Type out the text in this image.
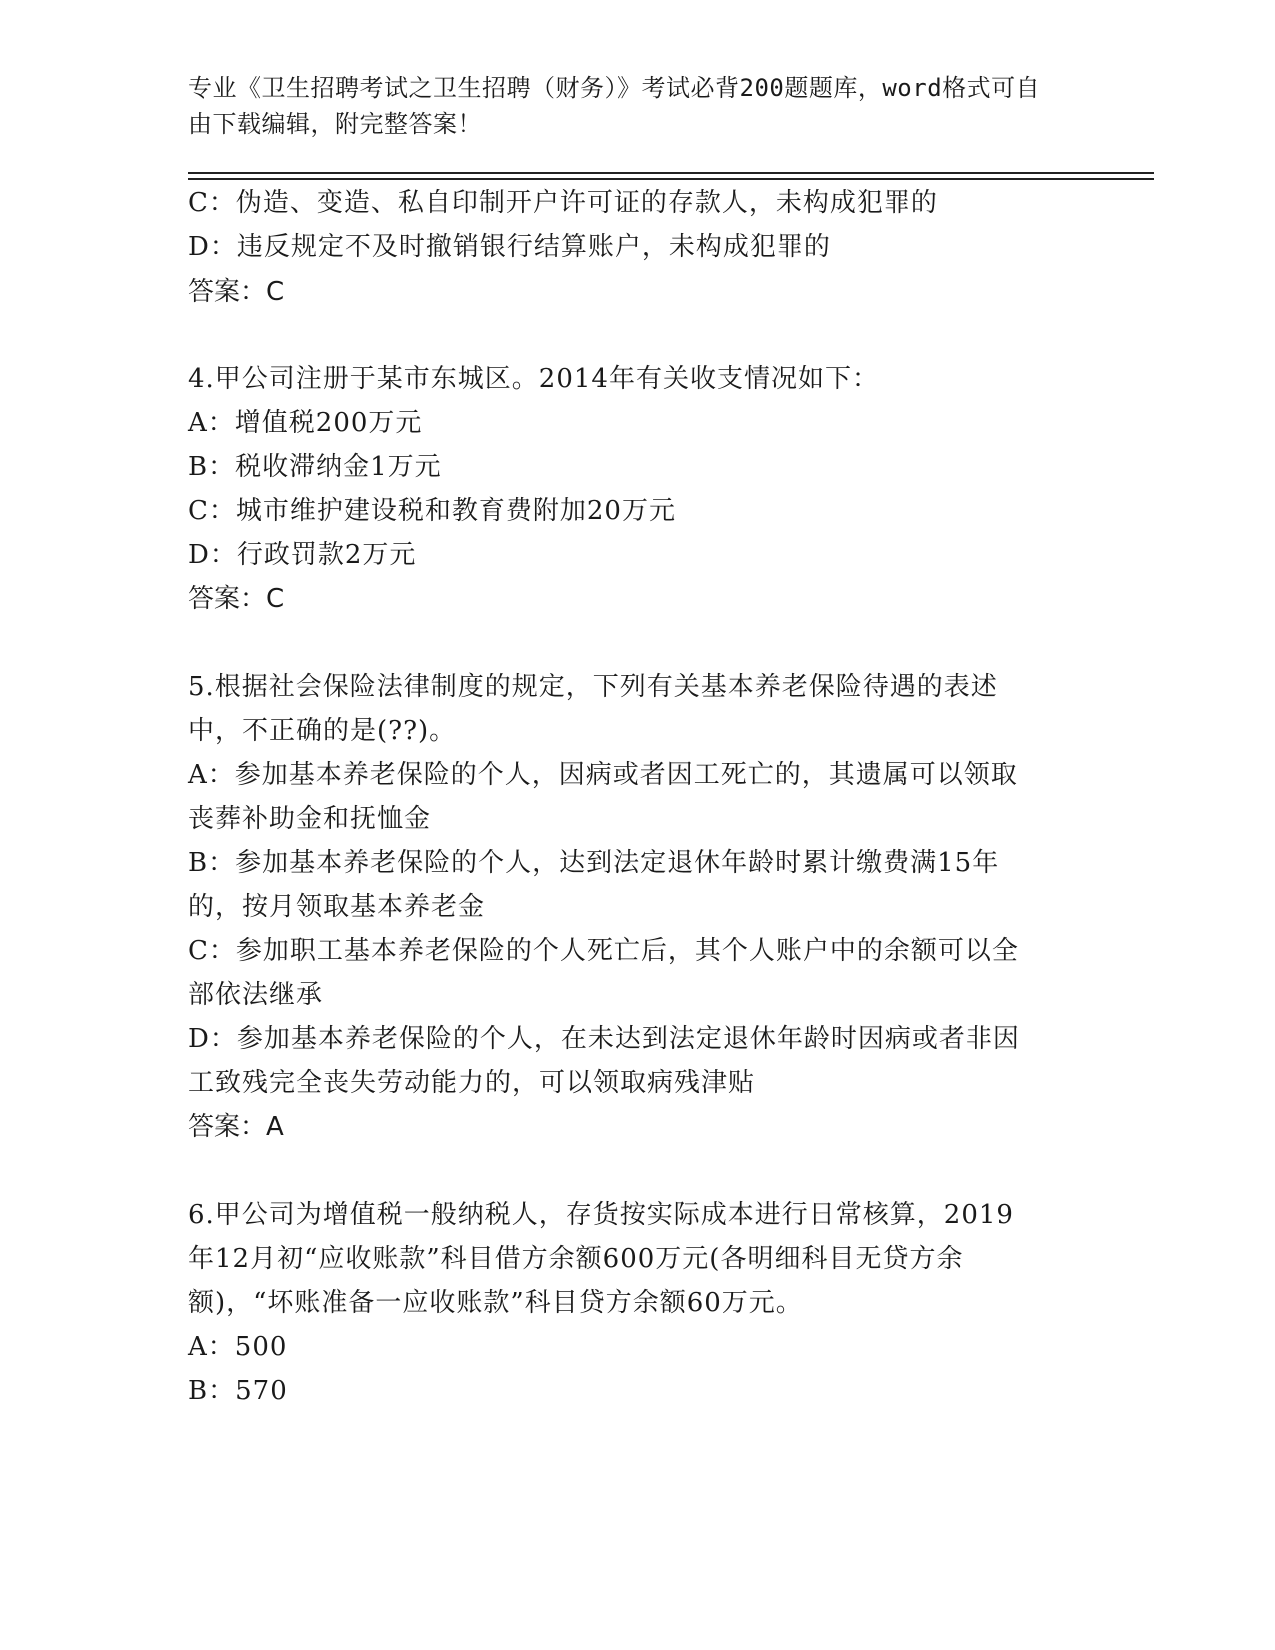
专业《卫生招聘考试之卫生招聘（财务）》考试必背200题题库，word格式可自
由下载编辑，附完整答案！
C：伪造、变造、私自印制开户许可证的存款人，未构成犯罪的
D：违反规定不及时撤销银行结算账户，未构成犯罪的
答案：C
4.甲公司注册于某市东城区。2014年有关收支情况如下：
A：增值税200万元
B：税收滞纳金1万元
C：城市维护建设税和教育费附加20万元
D：行政罚款2万元
答案：C
5.根据社会保险法律制度的规定，下列有关基本养老保险待遇的表述
中，不正确的是(??)。
A：参加基本养老保险的个人，因病或者因工死亡的，其遗属可以领取
丧葬补助金和抚恤金
B：参加基本养老保险的个人，达到法定退休年龄时累计缴费满15年
的，按月领取基本养老金
C：参加职工基本养老保险的个人死亡后，其个人账户中的余额可以全
部依法继承
D：参加基本养老保险的个人，在未达到法定退休年龄时因病或者非因
工致残完全丧失劳动能力的，可以领取病残津贴
答案：A
6.甲公司为增值税一般纳税人，存货按实际成本进行日常核算，2019
年12月初“应收账款”科目借方余额600万元(各明细科目无贷方余
额)，“坏账准备一应收账款”科目贷方余额60万元。
A：500
B：570
